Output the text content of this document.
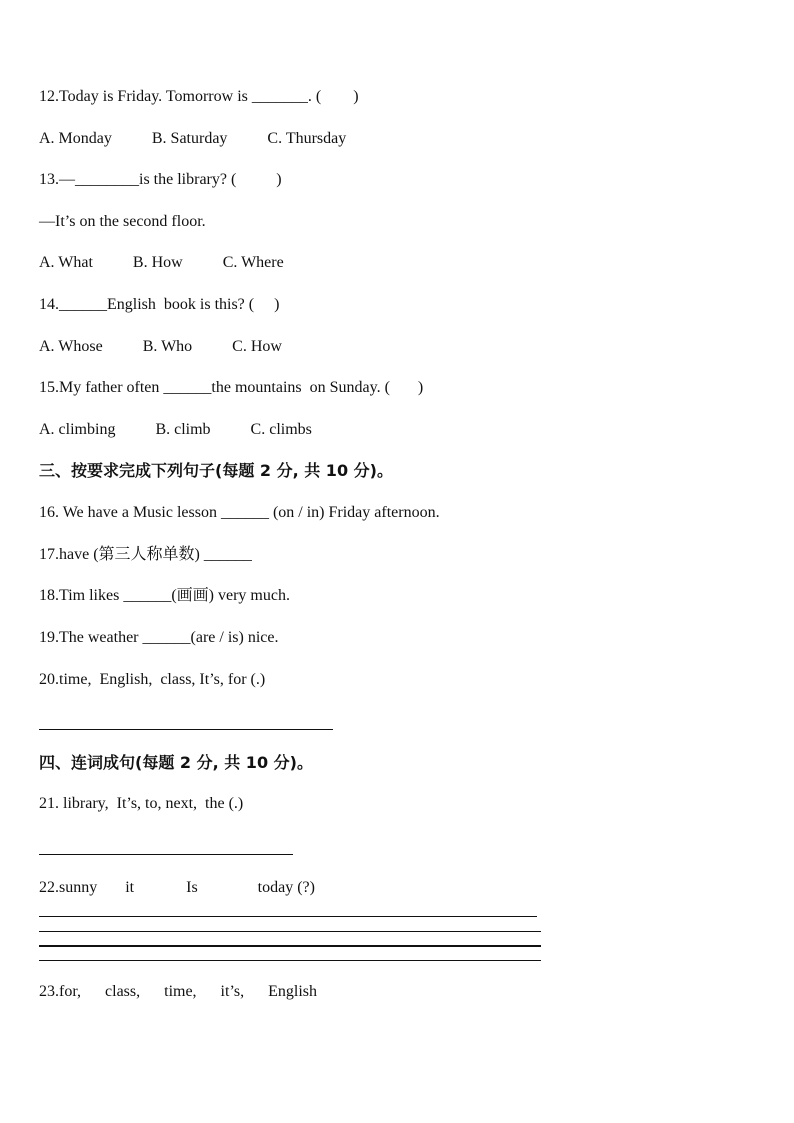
12.Today is Friday. Tomorrow is _______. (        )
A. Monday          B. Saturday          C. Thursday
13.—________is the library? (          )
—It’s on the second floor.
A. What          B. How          C. Where
14.______English  book is this? (     )
A. Whose          B. Who          C. How
15.My father often ______the mountains  on Sunday. (       )
A. climbing          B. climb          C. climbs
三、按要求完成下列句子(每题 2 分, 共 10 分)。
16. We have a Music lesson ______ (on / in) Friday afternoon.
17.have (第三人称单数) ______
18.Tim likes ______(画画) very much.
19.The weather ______(are / is) nice.
20.time,  English,  class, It’s, for (.)
四、连词成句(每题 2 分, 共 10 分)。
21. library,  It’s, to, next,  the (.)
22.sunny       it             Is               today (?)
23.for,      class,      time,      it’s,      English
